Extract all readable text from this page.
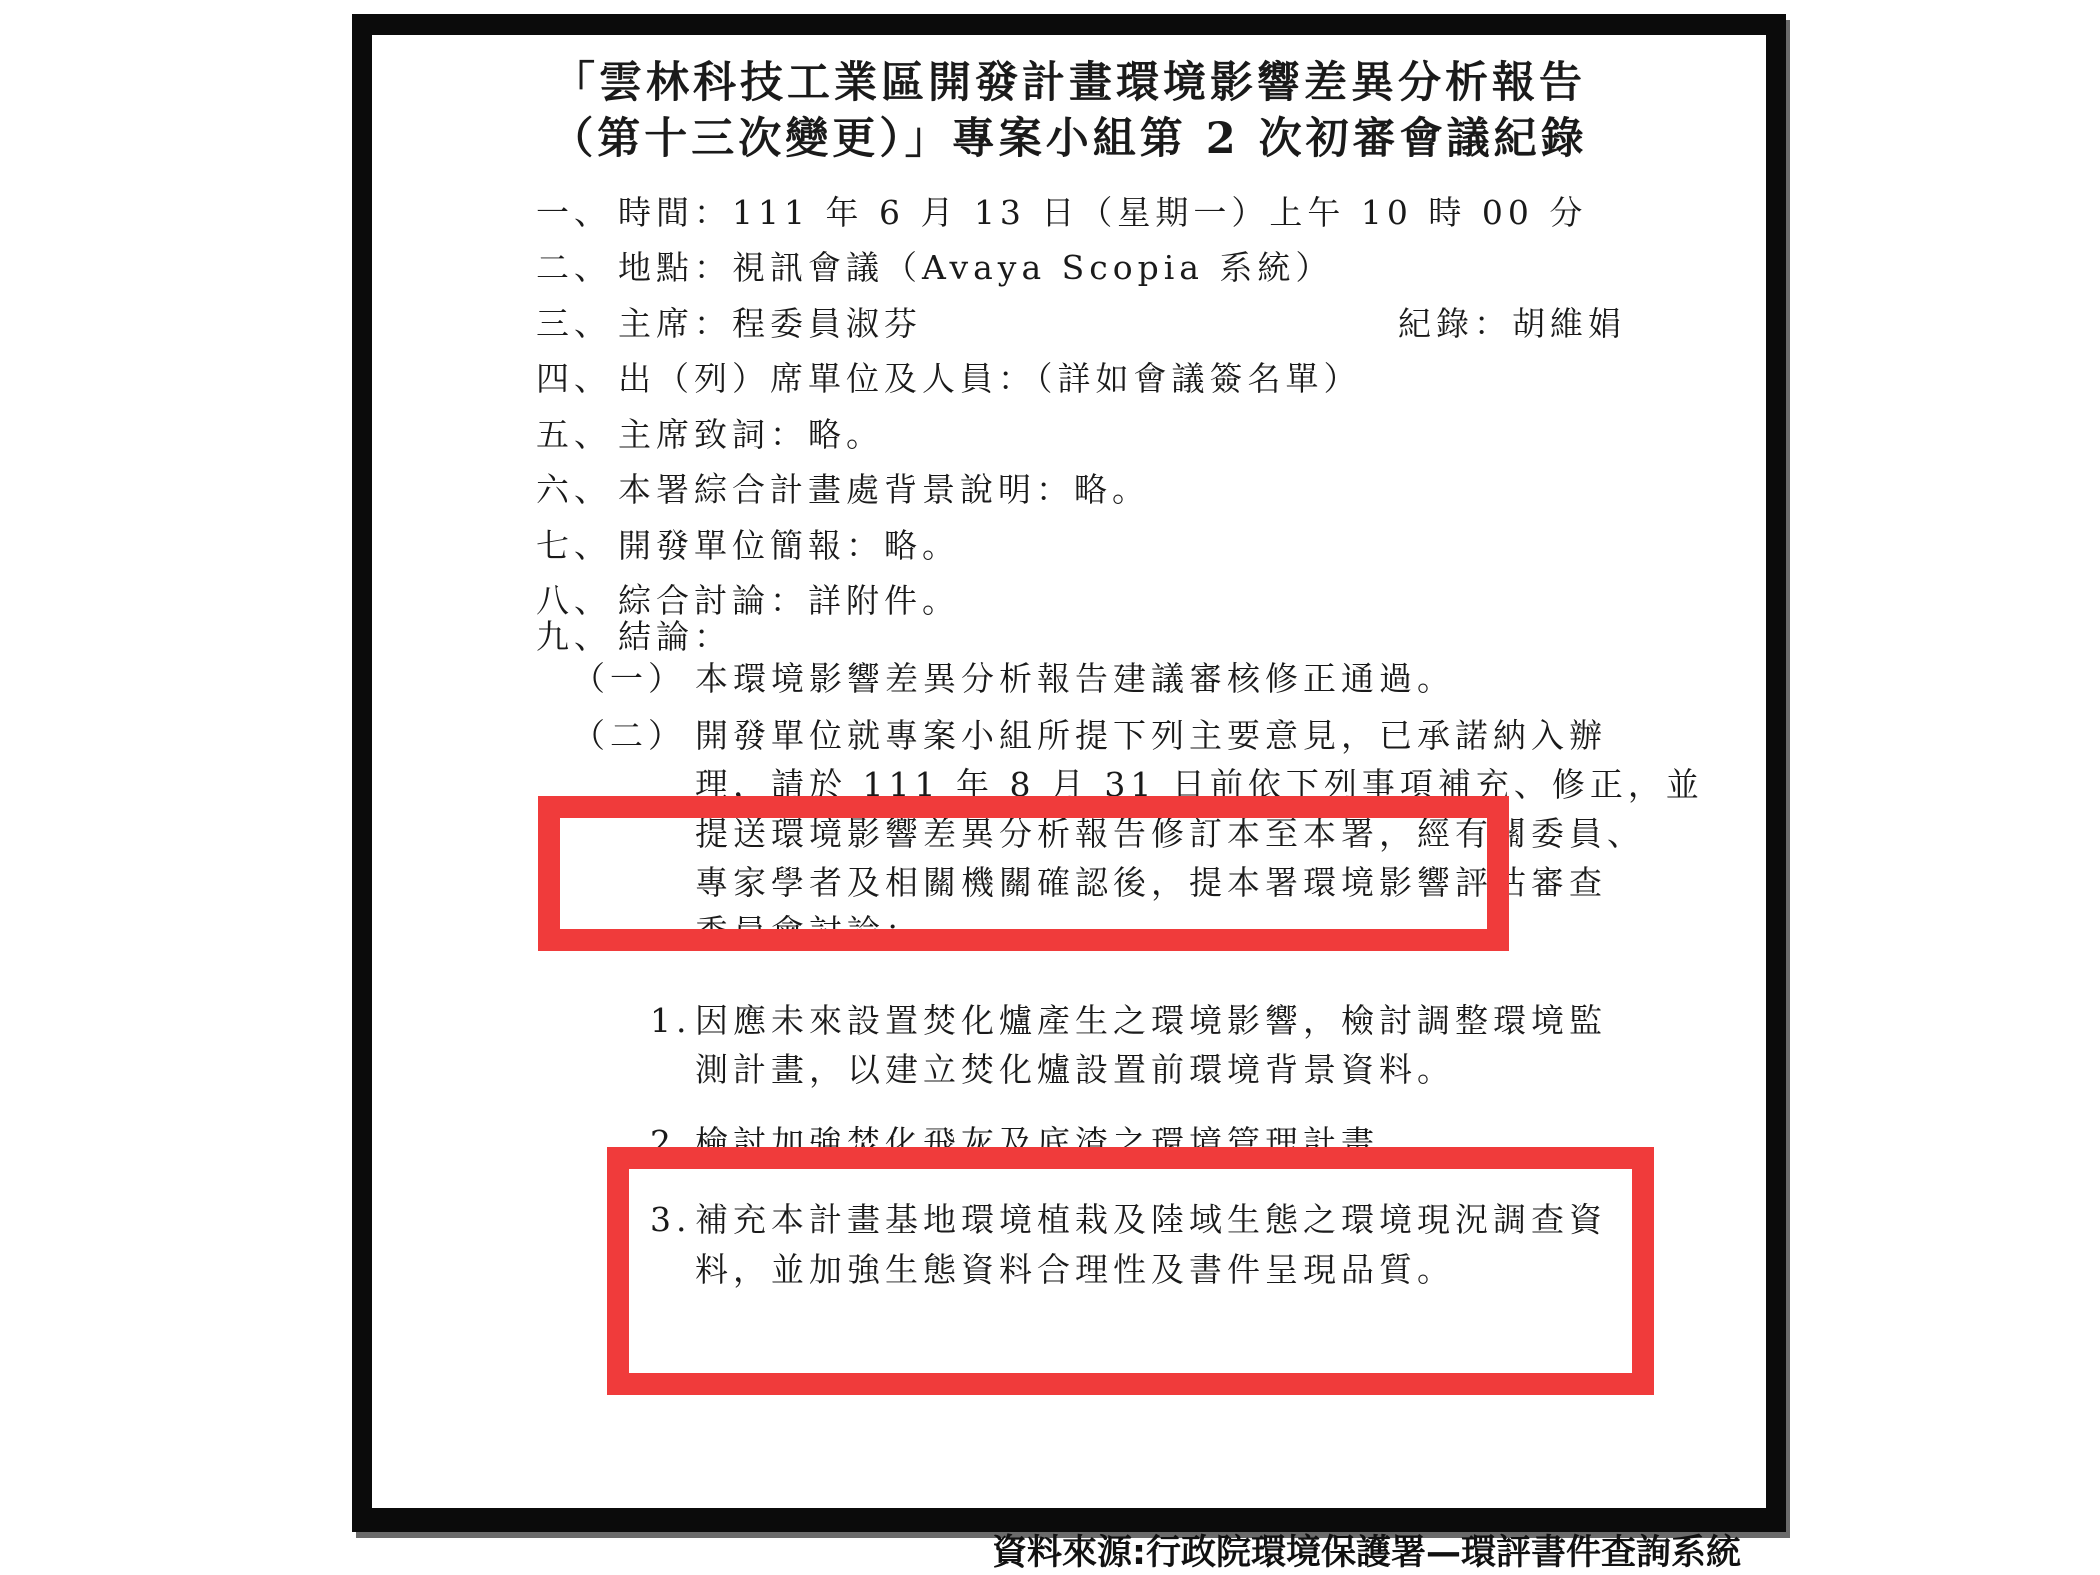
「雲林科技工業區開發計畫環境影響差異分析報告
（第十三次變更）」專案小組第 2 次初審會議紀錄
一、 時間：111 年 6 月 13 日（星期一）上午 10 時 00 分
二、 地點：視訊會議（Avaya Scopia 系統）
三、 主席：程委員淑芬	紀錄：胡維娟
四、 出（列）席單位及人員：（詳如會議簽名單）
五、 主席致詞：略。
六、 本署綜合計畫處背景說明：略。
七、 開發單位簡報：略。
八、 綜合討論：詳附件。
九、 結論：
（一） 本環境影響差異分析報告建議審核修正通過。
（二） 開發單位就專案小組所提下列主要意見，已承諾納入辦
理，請於 111 年 8 月 31 日前依下列事項補充、修正，並
提送環境影響差異分析報告修訂本至本署，經有關委員、
專家學者及相關機關確認後，提本署環境影響評估審查
委員會討論：
1. 因應未來設置焚化爐產生之環境影響，檢討調整環境監
測計畫，以建立焚化爐設置前環境背景資料。
2. 檢討加強焚化飛灰及底渣之環境管理計畫。
3. 補充本計畫基地環境植栽及陸域生態之環境現況調查資
料，並加強生態資料合理性及書件呈現品質。
資料來源:行政院環境保護署—環評書件查詢系統
